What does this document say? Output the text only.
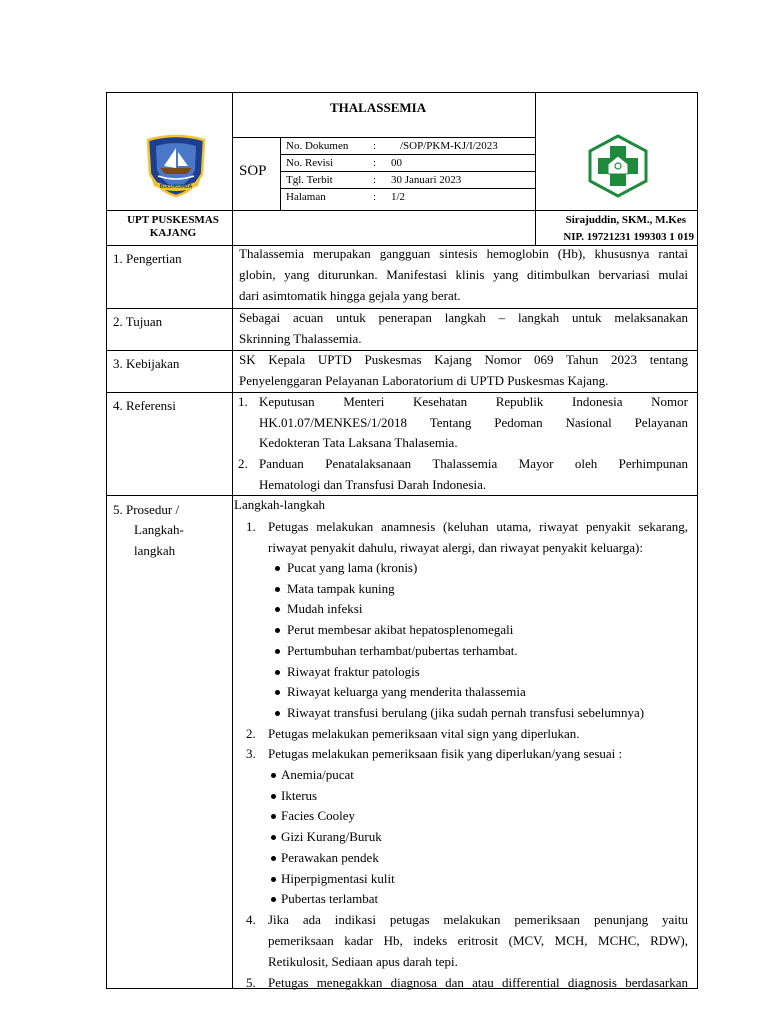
BULUKUMBA
THALASSEMIA
SOP
No. Dokumen : /SOP/PKM-KJ/I/2023
No. Revisi	: 00
Tgl. Terbit	: 30 Januari 2023
Halaman	: 1/2
UPT PUSKESMAS
KAJANG
Sirajuddin, SKM., M.Kes
NIP. 19721231 199303 1 019
1. Pengertian	Thalassemia merupakan gangguan sintesis hemoglobin (Hb), khususnya rantai
globin, yang diturunkan. Manifestasi klinis yang ditimbulkan bervariasi mulai
dari asimtomatik hingga gejala yang berat.
2. Tujuan	Sebagai acuan untuk penerapan langkah – langkah untuk melaksanakan
Skrinning Thalassemia.
3. Kebijakan	SK Kepala UPTD Puskesmas Kajang Nomor 069 Tahun 2023 tentang
Penyelenggaran Pelayanan Laboratorium di UPTD Puskesmas Kajang.
4. Referensi	1. Keputusan Menteri Kesehatan Republik Indonesia Nomor
HK.01.07/MENKES/1/2018 Tentang Pedoman Nasional Pelayanan
Kedokteran Tata Laksana Thalasemia.
2. Panduan Penatalaksanaan Thalassemia Mayor oleh Perhimpunan
Hematologi dan Transfusi Darah Indonesia.
5. Prosedur /
Langkah-
langkah
Langkah-langkah
1. Petugas melakukan anamnesis (keluhan utama, riwayat penyakit sekarang,
riwayat penyakit dahulu, riwayat alergi, dan riwayat penyakit keluarga):
Pucat yang lama (kronis)
Mata tampak kuning
Mudah infeksi
Perut membesar akibat hepatosplenomegali
Pertumbuhan terhambat/pubertas terhambat.
Riwayat fraktur patologis
Riwayat keluarga yang menderita thalassemia
Riwayat transfusi berulang (jika sudah pernah transfusi sebelumnya)
2. Petugas melakukan pemeriksaan vital sign yang diperlukan.
3. Petugas melakukan pemeriksaan fisik yang diperlukan/yang sesuai :
Anemia/pucat
Ikterus
Facies Cooley
Gizi Kurang/Buruk
Perawakan pendek
Hiperpigmentasi kulit
Pubertas terlambat
4. Jika ada indikasi petugas melakukan pemeriksaan penunjang yaitu
pemeriksaan kadar Hb, indeks eritrosit (MCV, MCH, MCHC, RDW),
Retikulosit, Sediaan apus darah tepi.
5. Petugas menegakkan diagnosa dan atau differential diagnosis berdasarkan
